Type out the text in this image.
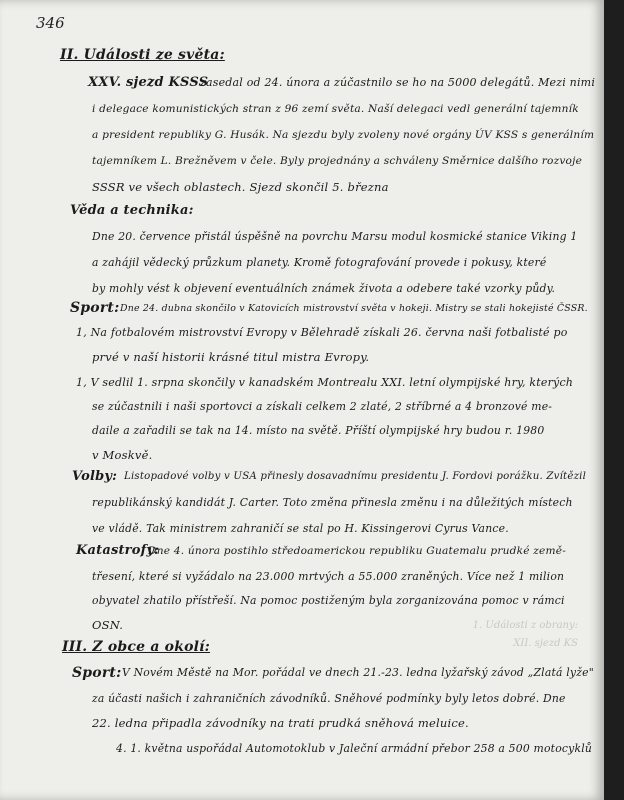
346
II. Události ze světa:
XXV. sjezd KSSS
zasedal od 24. února a zúčastnilo se ho na 5000 delegátů. Mezi nimi
i delegace komunistických stran z 96 zemí světa. Naší delegaci vedl generální tajemník
a president republiky G. Husák. Na sjezdu byly zvoleny nové orgány ÚV KSS s generálním
tajemníkem L. Brežněvem v čele. Byly projednány a schváleny Směrnice dalšího rozvoje
SSSR ve všech oblastech. Sjezd skončil 5. března
Věda a technika:
Dne 20. července přistál úspěšně na povrchu Marsu modul kosmické stanice Viking 1
a zahájil vědecký průzkum planety. Kromě fotografování provede i pokusy, které
by mohly vést k objevení eventuálních známek života a odebere také vzorky půdy.
Sport: Dne 24. dubna skončilo v Katovicích mistrovství světa v hokeji. Mistry se stali hokejisté ČSSR.
1, Na fotbalovém mistrovství Evropy v Bělehradě získali 26. června naši fotbalisté po
prvé v naší historii krásné titul mistra Evropy.
1, V sedlil 1. srpna skončily v kanadském Montrealu XXI. letní olympijské hry, kterých
se zúčastnili i naši sportovci a získali celkem 2 zlaté, 2 stříbrné a 4 bronzové me-
daile a zařadili se tak na 14. místo na světě. Příští olympijské hry budou r. 1980
v Moskvě.
Volby: Listopadové volby v USA přinesly dosavadnímu presidentu J. Fordovi porážku. Zvítězil
republikánský kandidát J. Carter. Toto změna přinesla změnu i na důležitých místech
ve vládě. Tak ministrem zahraničí se stal po H. Kissingerovi Cyrus Vance.
Katastrofy:
Dne 4. února postihlo středoamerickou republiku Guatemalu prudké země-
třesení, které si vyžádalo na 23.000 mrtvých a 55.000 zraněných. Více než 1 milion
obyvatel zhatilo přístřeší. Na pomoc postiženým byla zorganizována pomoc v rámci
OSN.
III. Z obce a okolí:
Sport: V Novém Městě na Mor. pořádal ve dnech 21.-23. ledna lyžařský závod „Zlatá lyže"
za účasti našich i zahraničních závodníků. Sněhové podmínky byly letos dobré. Dne
22. ledna připadla závodníky na trati prudká sněhová meluice.
4. 1. května uspořádal Automotoklub v Jaleční armádní přebor 258 a 500 motocyklů
1. Události z obrany:
XII. sjezd KS
